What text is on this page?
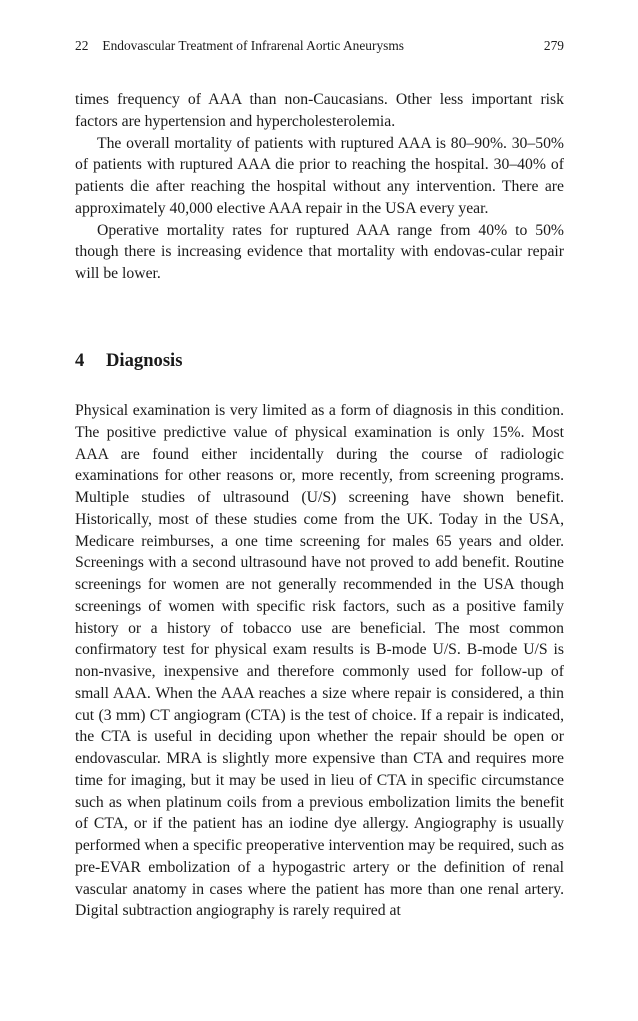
22 Endovascular Treatment of Infrarenal Aortic Aneurysms	279

times frequency of AAA than non-Caucasians. Other less important risk factors are hypertension and hypercholesterolemia.

The overall mortality of patients with ruptured AAA is 80–90%. 30–50% of patients with ruptured AAA die prior to reaching the hospital. 30–40% of patients die after reaching the hospital without any intervention. There are approximately 40,000 elective AAA repair in the USA every year.

Operative mortality rates for ruptured AAA range from 40% to 50% though there is increasing evidence that mortality with endovas-cular repair will be lower.

4 Diagnosis

Physical examination is very limited as a form of diagnosis in this condition. The positive predictive value of physical examination is only 15%. Most AAA are found either incidentally during the course of radiologic examinations for other reasons or, more recently, from screening programs. Multiple studies of ultrasound (U/S) screening have shown benefit. Historically, most of these studies come from the UK. Today in the USA, Medicare reimburses, a one time screening for males 65 years and older. Screenings with a second ultrasound have not proved to add benefit. Routine screenings for women are not generally recommended in the USA though screenings of women with specific risk factors, such as a positive family history or a history of tobacco use are beneficial. The most common confirmatory test for physical exam results is B-mode U/S. B-mode U/S is non-nvasive, inexpensive and therefore commonly used for follow-up of small AAA. When the AAA reaches a size where repair is considered, a thin cut (3 mm) CT angiogram (CTA) is the test of choice. If a repair is indicated, the CTA is useful in deciding upon whether the repair should be open or endovascular. MRA is slightly more expensive than CTA and requires more time for imaging, but it may be used in lieu of CTA in specific circumstance such as when platinum coils from a previous embolization limits the benefit of CTA, or if the patient has an iodine dye allergy. Angiography is usually performed when a specific preoperative intervention may be required, such as pre-EVAR embolization of a hypogastric artery or the definition of renal vascular anatomy in cases where the patient has more than one renal artery. Digital subtraction angiography is rarely required at
